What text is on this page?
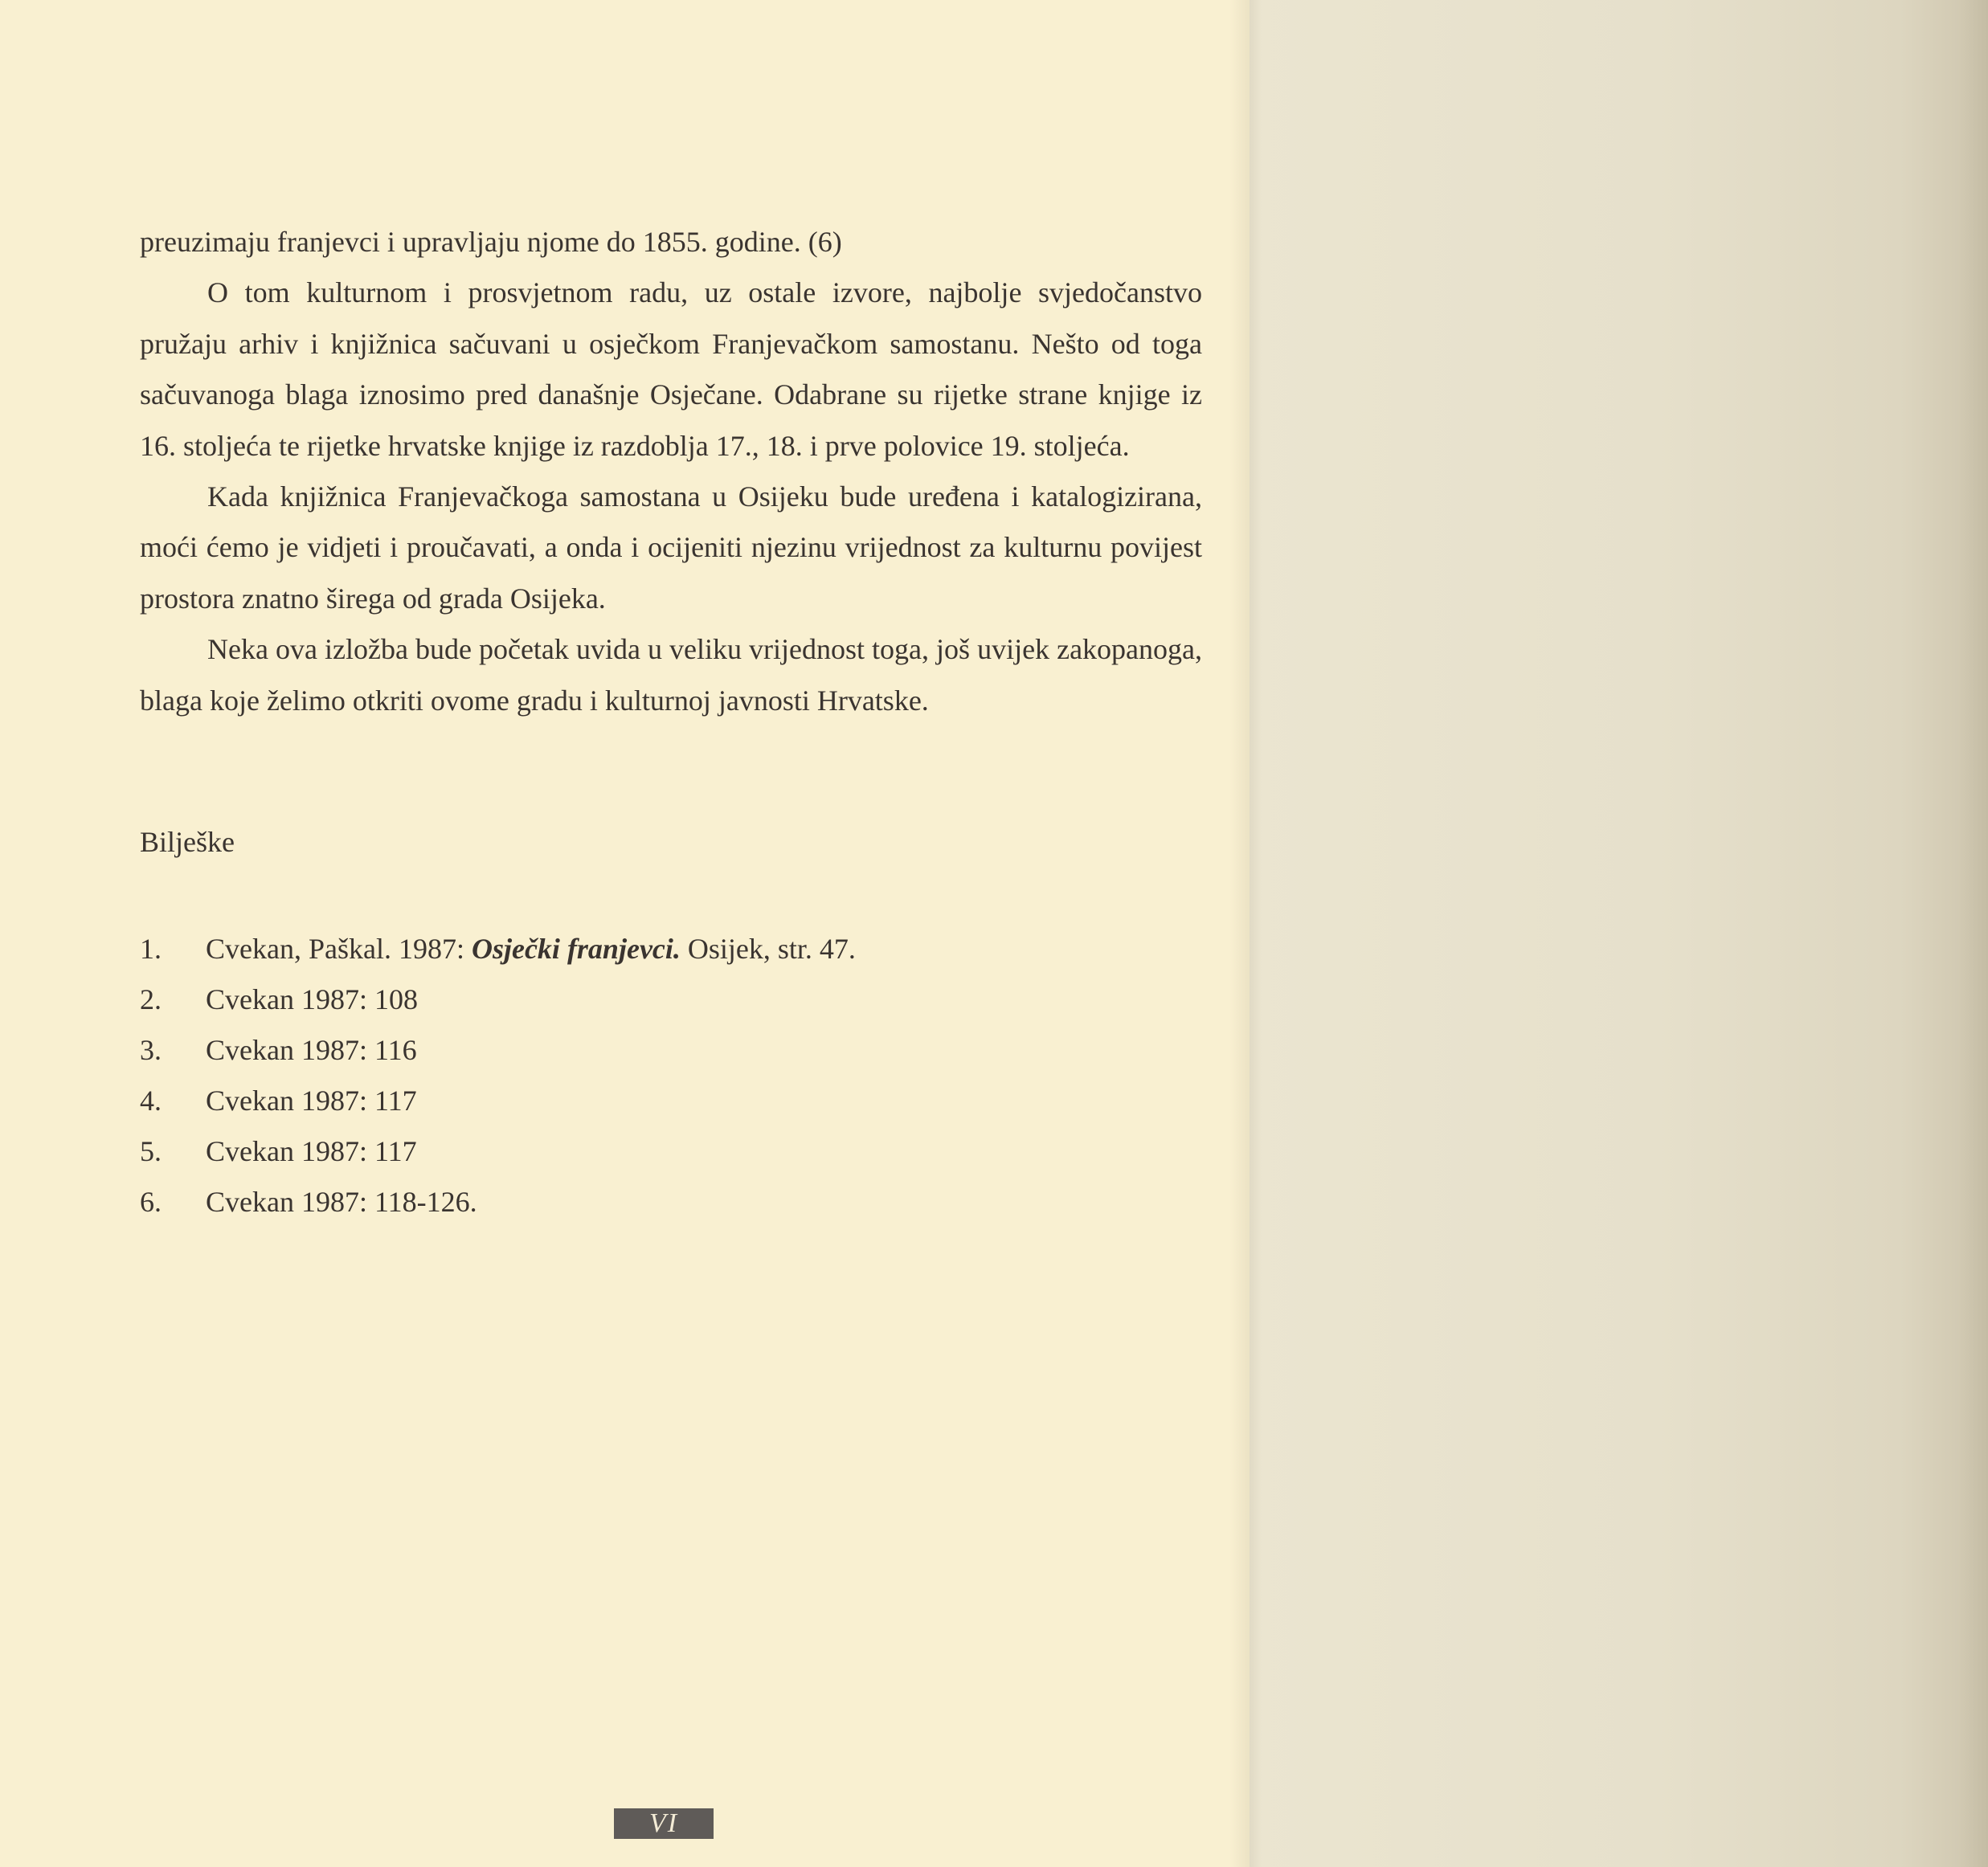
preuzimaju franjevci i upravljaju njome do 1855. godine. (6)

O tom kulturnom i prosvjetnom radu, uz ostale izvore, najbolje svjedočanstvo pružaju arhiv i knjižnica sačuvani u osječkom Franjevačkom samostanu. Nešto od toga sačuvanoga blaga iznosimo pred današnje Osječane. Odabrane su rijetke strane knjige iz 16. stoljeća te rijetke hrvatske knjige iz razdoblja 17., 18. i prve polovice 19. stoljeća.

Kada knjižnica Franjevačkoga samostana u Osijeku bude uređena i katalogizirana, moći ćemo je vidjeti i proučavati, a onda i ocijeniti njezinu vrijednost za kulturnu povijest prostora znatno širega od grada Osijeka.

Neka ova izložba bude početak uvida u veliku vrijednost toga, još uvijek zakopanoga, blaga koje želimo otkriti ovome gradu i kulturnoj javnosti Hrvatske.

Bilješke
1.	Cvekan, Paškal. 1987: Osječki franjevci. Osijek, str. 47.
2.	Cvekan 1987: 108
3.	Cvekan 1987: 116
4.	Cvekan 1987: 117
5.	Cvekan 1987: 117
6.	Cvekan 1987: 118-126.
VI
